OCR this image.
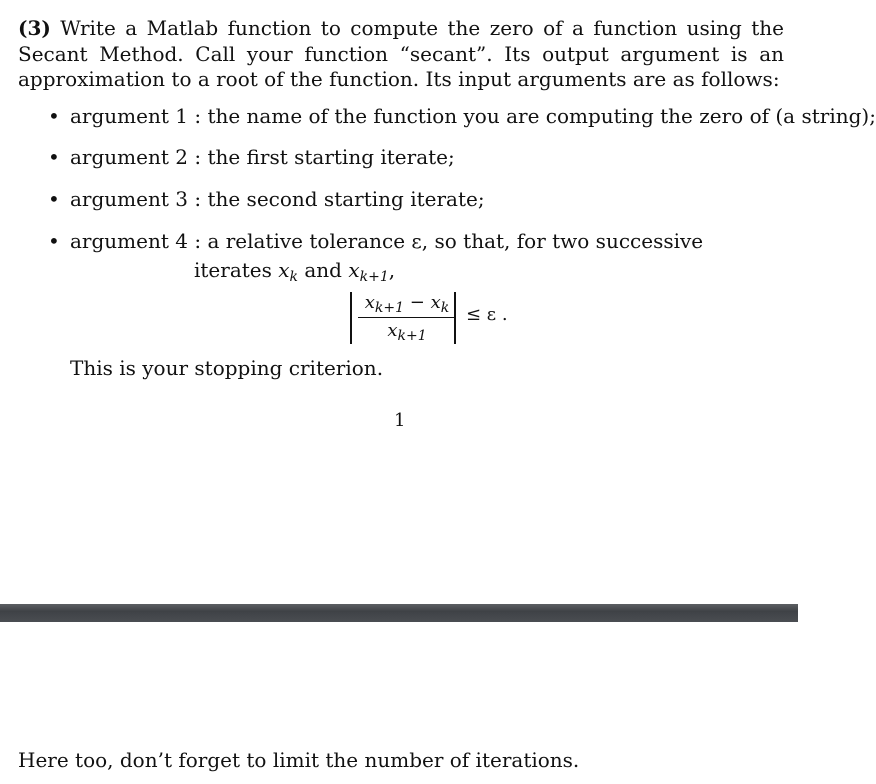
(3) Write a Matlab function to compute the zero of a function using the Secant Method. Call your function “secant”. Its output argument is an approximation to a root of the function. Its input arguments are as follows:
• argument 1 : the name of the function you are computing the zero of (a string);
• argument 2 : the first starting iterate;
• argument 3 : the second starting iterate;
• argument 4 : a relative tolerance ε, so that, for two successive
iterates $x_k$ and $x_{k+1}$,
$x_{k+1} - x_k$
$x_{k+1}$
≤ ε .
This is your stopping criterion.
1
Here too, don’t forget to limit the number of iterations.
